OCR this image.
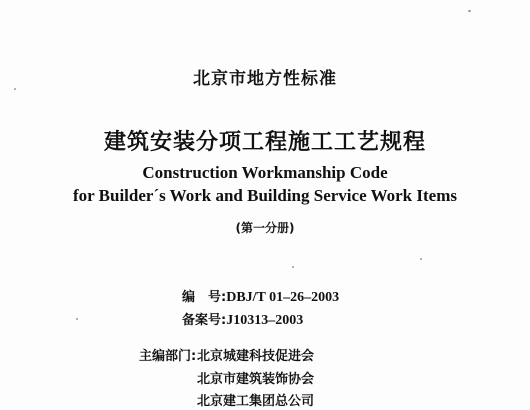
北京市地方性标准
建筑安装分项工程施工工艺规程
Construction Workmanship Code
for Builder´s Work and Building Service Work Items
(第一分册)
编　号:DBJ/T 01–26–2003
备案号:J10313–2003
主编部门: 北京城建科技促进会
北京市建筑装饰协会
北京建工集团总公司
